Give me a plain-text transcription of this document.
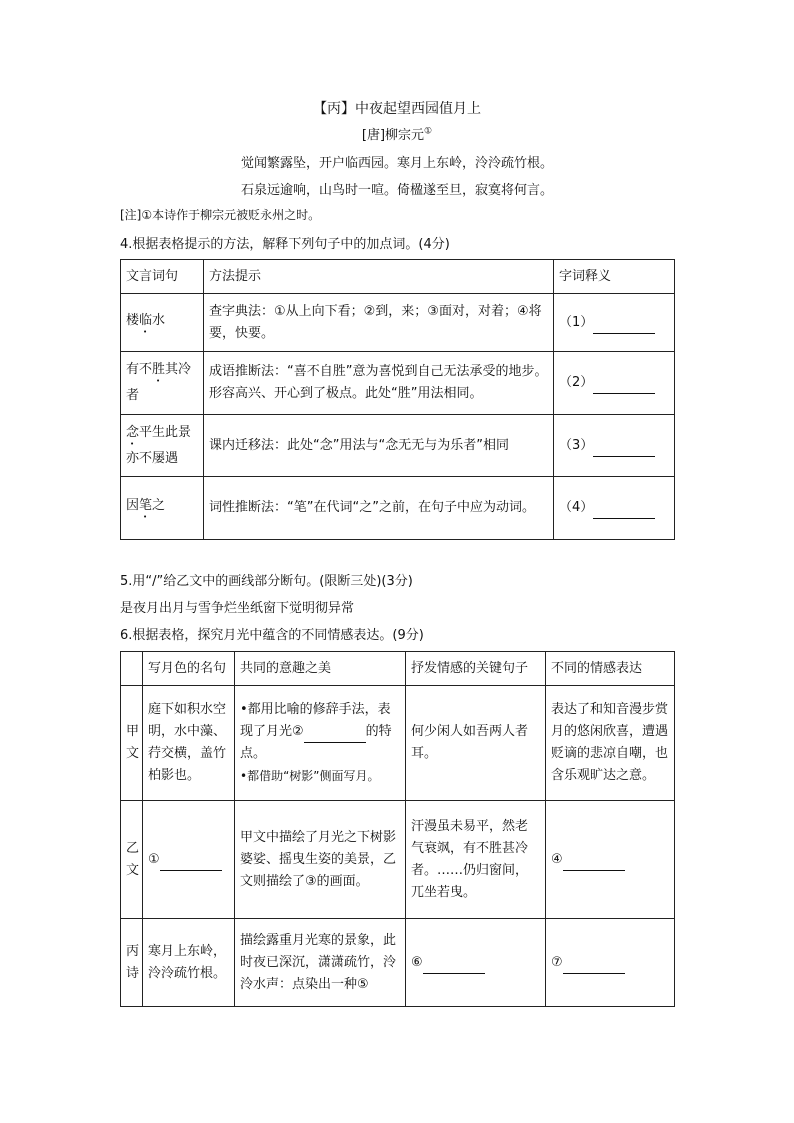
【丙】中夜起望西园值月上
[唐]柳宗元①
觉闻繁露坠，开户临西园。寒月上东岭，泠泠疏竹根。
石泉远逾响，山鸟时一喧。倚楹遂至旦，寂寞将何言。
[注]①本诗作于柳宗元被贬永州之时。
4.根据表格提示的方法，解释下列句子中的加点词。(4分)
文言词句	方法提示	字词释义
楼临水	查字典法：①从上向下看；②到，来；③面对，对着；④将要，快要。	（1）
有不胜其冷者	成语推断法：“喜不自胜”意为喜悦到自己无法承受的地步。形容高兴、开心到了极点。此处“胜”用法相同。	（2）
念平生此景亦不屡遇	课内迁移法：此处“念”用法与“念无无与为乐者”相同	（3）
因笔之	词性推断法：“笔”在代词“之”之前，在句子中应为动词。	（4）
5.用“/”给乙文中的画线部分断句。(限断三处)(3分)
是夜月出月与雪争烂坐纸窗下觉明彻异常
6.根据表格，探究月光中蕴含的不同情感表达。(9分)
	写月色的名句	共同的意趣之美	抒发情感的关键句子	不同的情感表达
甲文	庭下如积水空明，水中藻、荇交横，盖竹柏影也。	•都用比喻的修辞手法，表现了月光② 的特点。

•都借助“树影”侧面写月。	何少闲人如吾两人者耳。	表达了和知音漫步赏月的悠闲欣喜，遭遇贬谪的悲凉自嘲，也含乐观旷达之意。
乙文	①	甲文中描绘了月光之下树影婆娑、摇曳生姿的美景，乙文则描绘了③的画面。	汗漫虽未易平，然老气衰飒，有不胜甚冷者。……仍归窗间，兀坐若曳。	④
丙诗	寒月上东岭，泠泠疏竹根。	描绘露重月光寒的景象，此时夜已深沉，潇潇疏竹，泠泠水声：点染出一种⑤	⑥	⑦
